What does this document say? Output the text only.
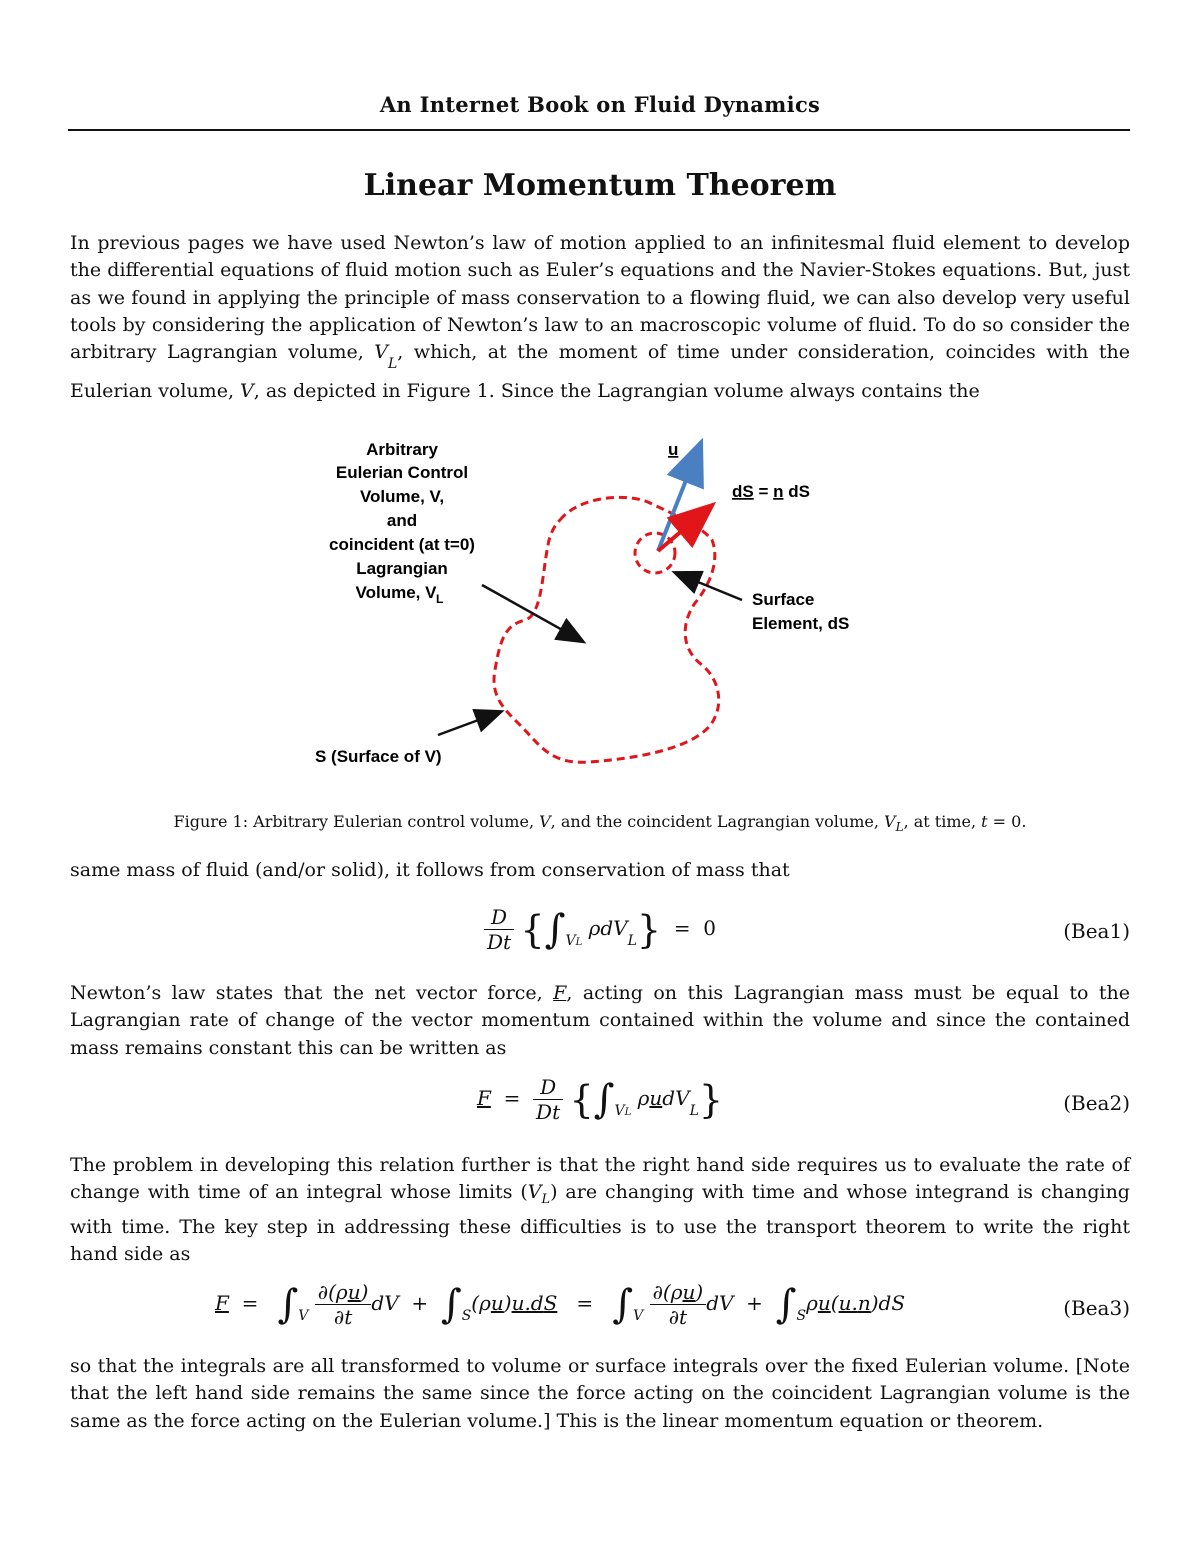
An Internet Book on Fluid Dynamics
Linear Momentum Theorem
In previous pages we have used Newton’s law of motion applied to an infinitesmal fluid element to develop the differential equations of fluid motion such as Euler’s equations and the Navier-Stokes equations. But, just as we found in applying the principle of mass conservation to a flowing fluid, we can also develop very useful tools by considering the application of Newton’s law to an macroscopic volume of fluid. To do so consider the arbitrary Lagrangian volume, $V_L$, which, at the moment of time under consideration, coincides with the Eulerian volume, V, as depicted in Figure 1. Since the Lagrangian volume always contains the
Arbitrary
Eulerian Control
Volume, V,
and
coincident (at t=0)
Lagrangian
Volume, V L
u
dS = n dS
Surface
Element, dS
S (Surface of V)
Figure 1: Arbitrary Eulerian control volume, V, and the coincident Lagrangian volume, $V_L$, at time, t = 0.
same mass of fluid (and/or solid), it follows from conservation of mass that
$\frac{D}{Dt} \{\int_{VL}$ ρdV$_L$} = 0	(Bea1)
Newton’s law states that the net vector force, F, acting on this Lagrangian mass must be equal to the Lagrangian rate of change of the vector momentum contained within the volume and since the contained mass remains constant this can be written as
$F = \frac{D}{Dt} \{\int_{VL}$ ρudV$_L$}	(Bea2)
The problem in developing this relation further is that the right hand side requires us to evaluate the rate of change with time of an integral whose limits $(V_L)$ are changing with time and whose integrand is changing with time. The key step in addressing these difficulties is to use the transport theorem to write the right hand side as
$F = \int_V \frac{\partial(\rho u)}{\partial t}$ dV  +  $\int_S(\rho u)u.dS = \int_V \frac{\partial(\rho u)}{\partial t}$ dV  +  $\int_S\rho u(u.n)dS$	(Bea3)
so that the integrals are all transformed to volume or surface integrals over the fixed Eulerian volume. [Note that the left hand side remains the same since the force acting on the coincident Lagrangian volume is the same as the force acting on the Eulerian volume.] This is the linear momentum equation or theorem.
